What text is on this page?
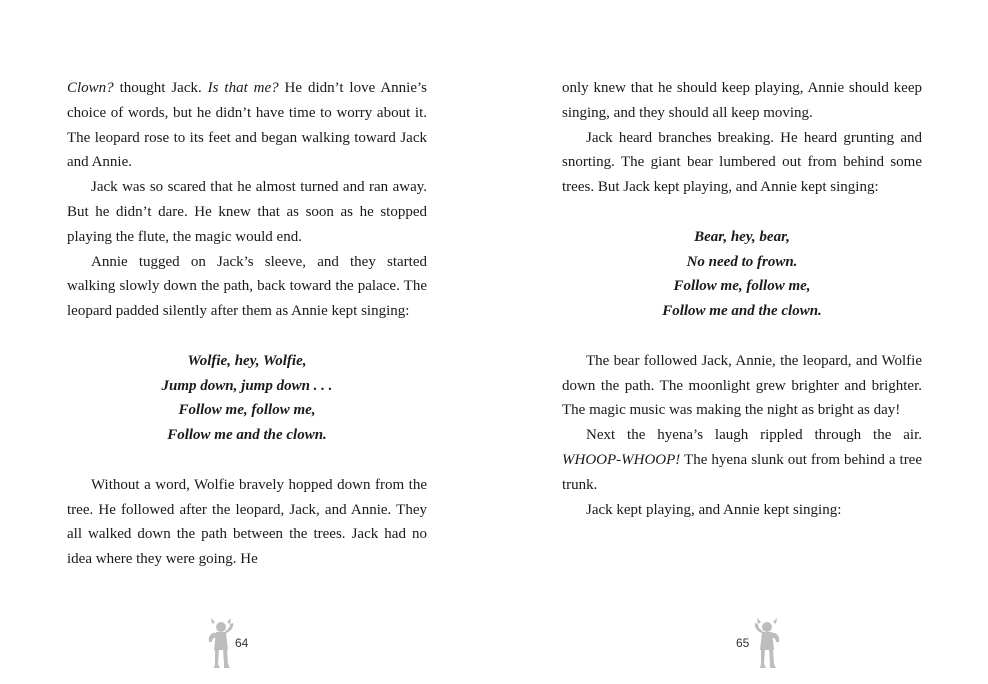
Clown? thought Jack. Is that me? He didn’t love Annie’s choice of words, but he didn’t have time to worry about it. The leopard rose to its feet and began walking toward Jack and Annie.

Jack was so scared that he almost turned and ran away. But he didn’t dare. He knew that as soon as he stopped playing the flute, the magic would end.

Annie tugged on Jack’s sleeve, and they started walking slowly down the path, back toward the palace. The leopard padded silently after them as Annie kept singing:

Wolfie, hey, Wolfie,
Jump down, jump down . . .
Follow me, follow me,
Follow me and the clown.

Without a word, Wolfie bravely hopped down from the tree. He followed after the leopard, Jack, and Annie. They all walked down the path between the trees. Jack had no idea where they were going. He

only knew that he should keep playing, Annie should keep singing, and they should all keep moving.

Jack heard branches breaking. He heard grunting and snorting. The giant bear lumbered out from behind some trees. But Jack kept playing, and Annie kept singing:

Bear, hey, bear,
No need to frown.
Follow me, follow me,
Follow me and the clown.

The bear followed Jack, Annie, the leopard, and Wolfie down the path. The moonlight grew brighter and brighter. The magic music was making the night as bright as day!

Next the hyena’s laugh rippled through the air. WHOOP-WHOOP! The hyena slunk out from behind a tree trunk.

Jack kept playing, and Annie kept singing:

64	65
